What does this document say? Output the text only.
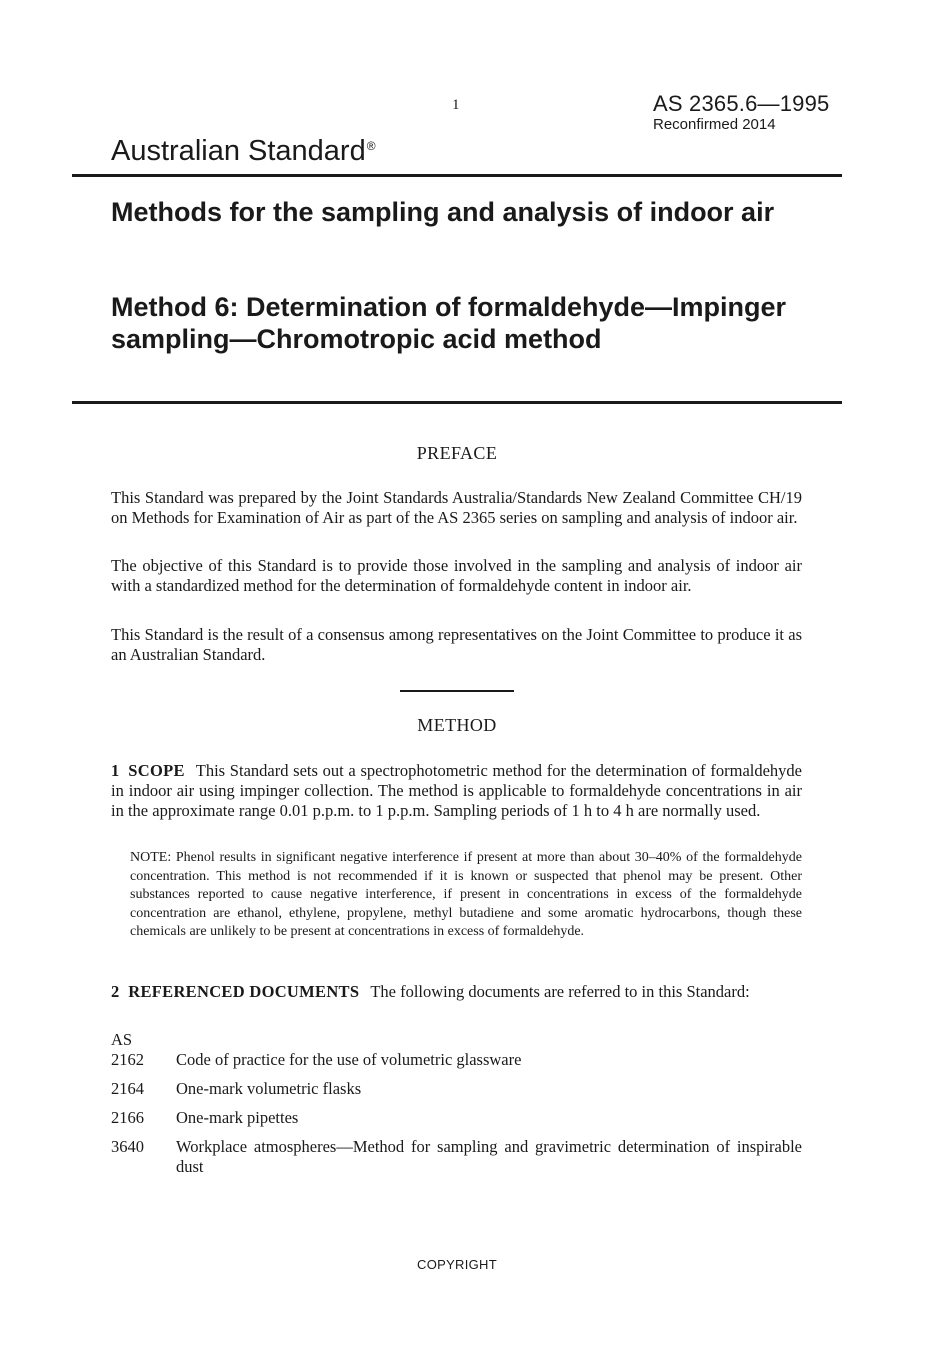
1	AS 2365.6—1995
Reconfirmed 2014
Australian Standard®
Methods for the sampling and analysis of indoor air
Method 6: Determination of formaldehyde—Impinger sampling—Chromotropic acid method
PREFACE

This Standard was prepared by the Joint Standards Australia/Standards New Zealand Committee CH/19 on Methods for Examination of Air as part of the AS 2365 series on sampling and analysis of indoor air.

The objective of this Standard is to provide those involved in the sampling and analysis of indoor air with a standardized method for the determination of formaldehyde content in indoor air.

This Standard is the result of a consensus among representatives on the Joint Committee to produce it as an Australian Standard.

METHOD

1 SCOPE This Standard sets out a spectrophotometric method for the determination of formaldehyde in indoor air using impinger collection. The method is applicable to formaldehyde concentrations in air in the approximate range 0.01 p.p.m. to 1 p.p.m. Sampling periods of 1 h to 4 h are normally used.

NOTE: Phenol results in significant negative interference if present at more than about 30–40% of the formaldehyde concentration. This method is not recommended if it is known or suspected that phenol may be present. Other substances reported to cause negative interference, if present in concentrations in excess of the formaldehyde concentration are ethanol, ethylene, propylene, methyl butadiene and some aromatic hydrocarbons, though these chemicals are unlikely to be present at concentrations in excess of formaldehyde.

2 REFERENCED DOCUMENTS The following documents are referred to in this Standard:

AS
2162	Code of practice for the use of volumetric glassware
2164	One-mark volumetric flasks
2166	One-mark pipettes
3640	Workplace atmospheres—Method for sampling and gravimetric determination of inspirable dust
COPYRIGHT
